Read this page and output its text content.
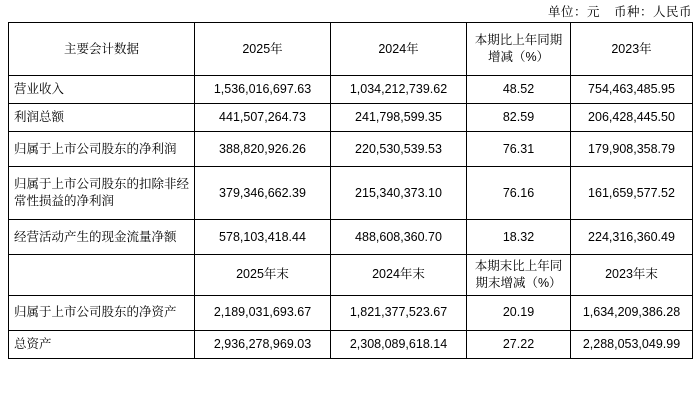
单位：元 币种：人民币
主要会计数据	2025年	2024年	本期比上年同期增减（%）	2023年
营业收入	1,536,016,697.63	1,034,212,739.62	48.52	754,463,485.95
利润总额	441,507,264.73	241,798,599.35	82.59	206,428,445.50
归属于上市公司股东的净利润	388,820,926.26	220,530,539.53	76.31	179,908,358.79
归属于上市公司股东的扣除非经常性损益的净利润	379,346,662.39	215,340,373.10	76.16	161,659,577.52
经营活动产生的现金流量净额	578,103,418.44	488,608,360.70	18.32	224,316,360.49
	2025年末	2024年末	本期末比上年同期末增减（%）	2023年末
归属于上市公司股东的净资产	2,189,031,693.67	1,821,377,523.67	20.19	1,634,209,386.28
总资产	2,936,278,969.03	2,308,089,618.14	27.22	2,288,053,049.99
